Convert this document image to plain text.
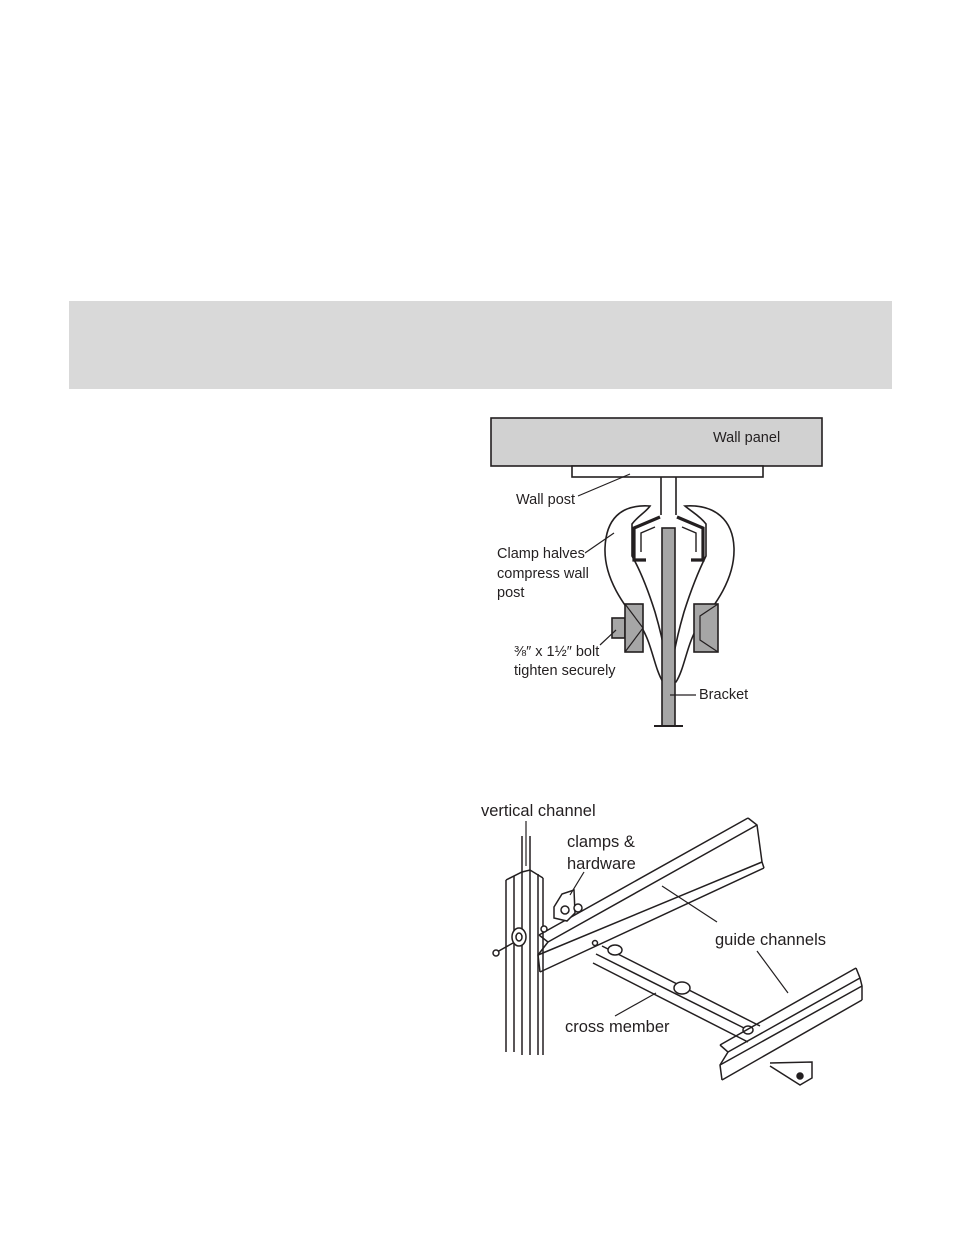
Wall panel
Wall post
Clamp halves
compress wall
post
⅜″ x 1½″ bolt
tighten securely
Bracket
vertical channel
clamps &
hardware
guide channels
cross member
